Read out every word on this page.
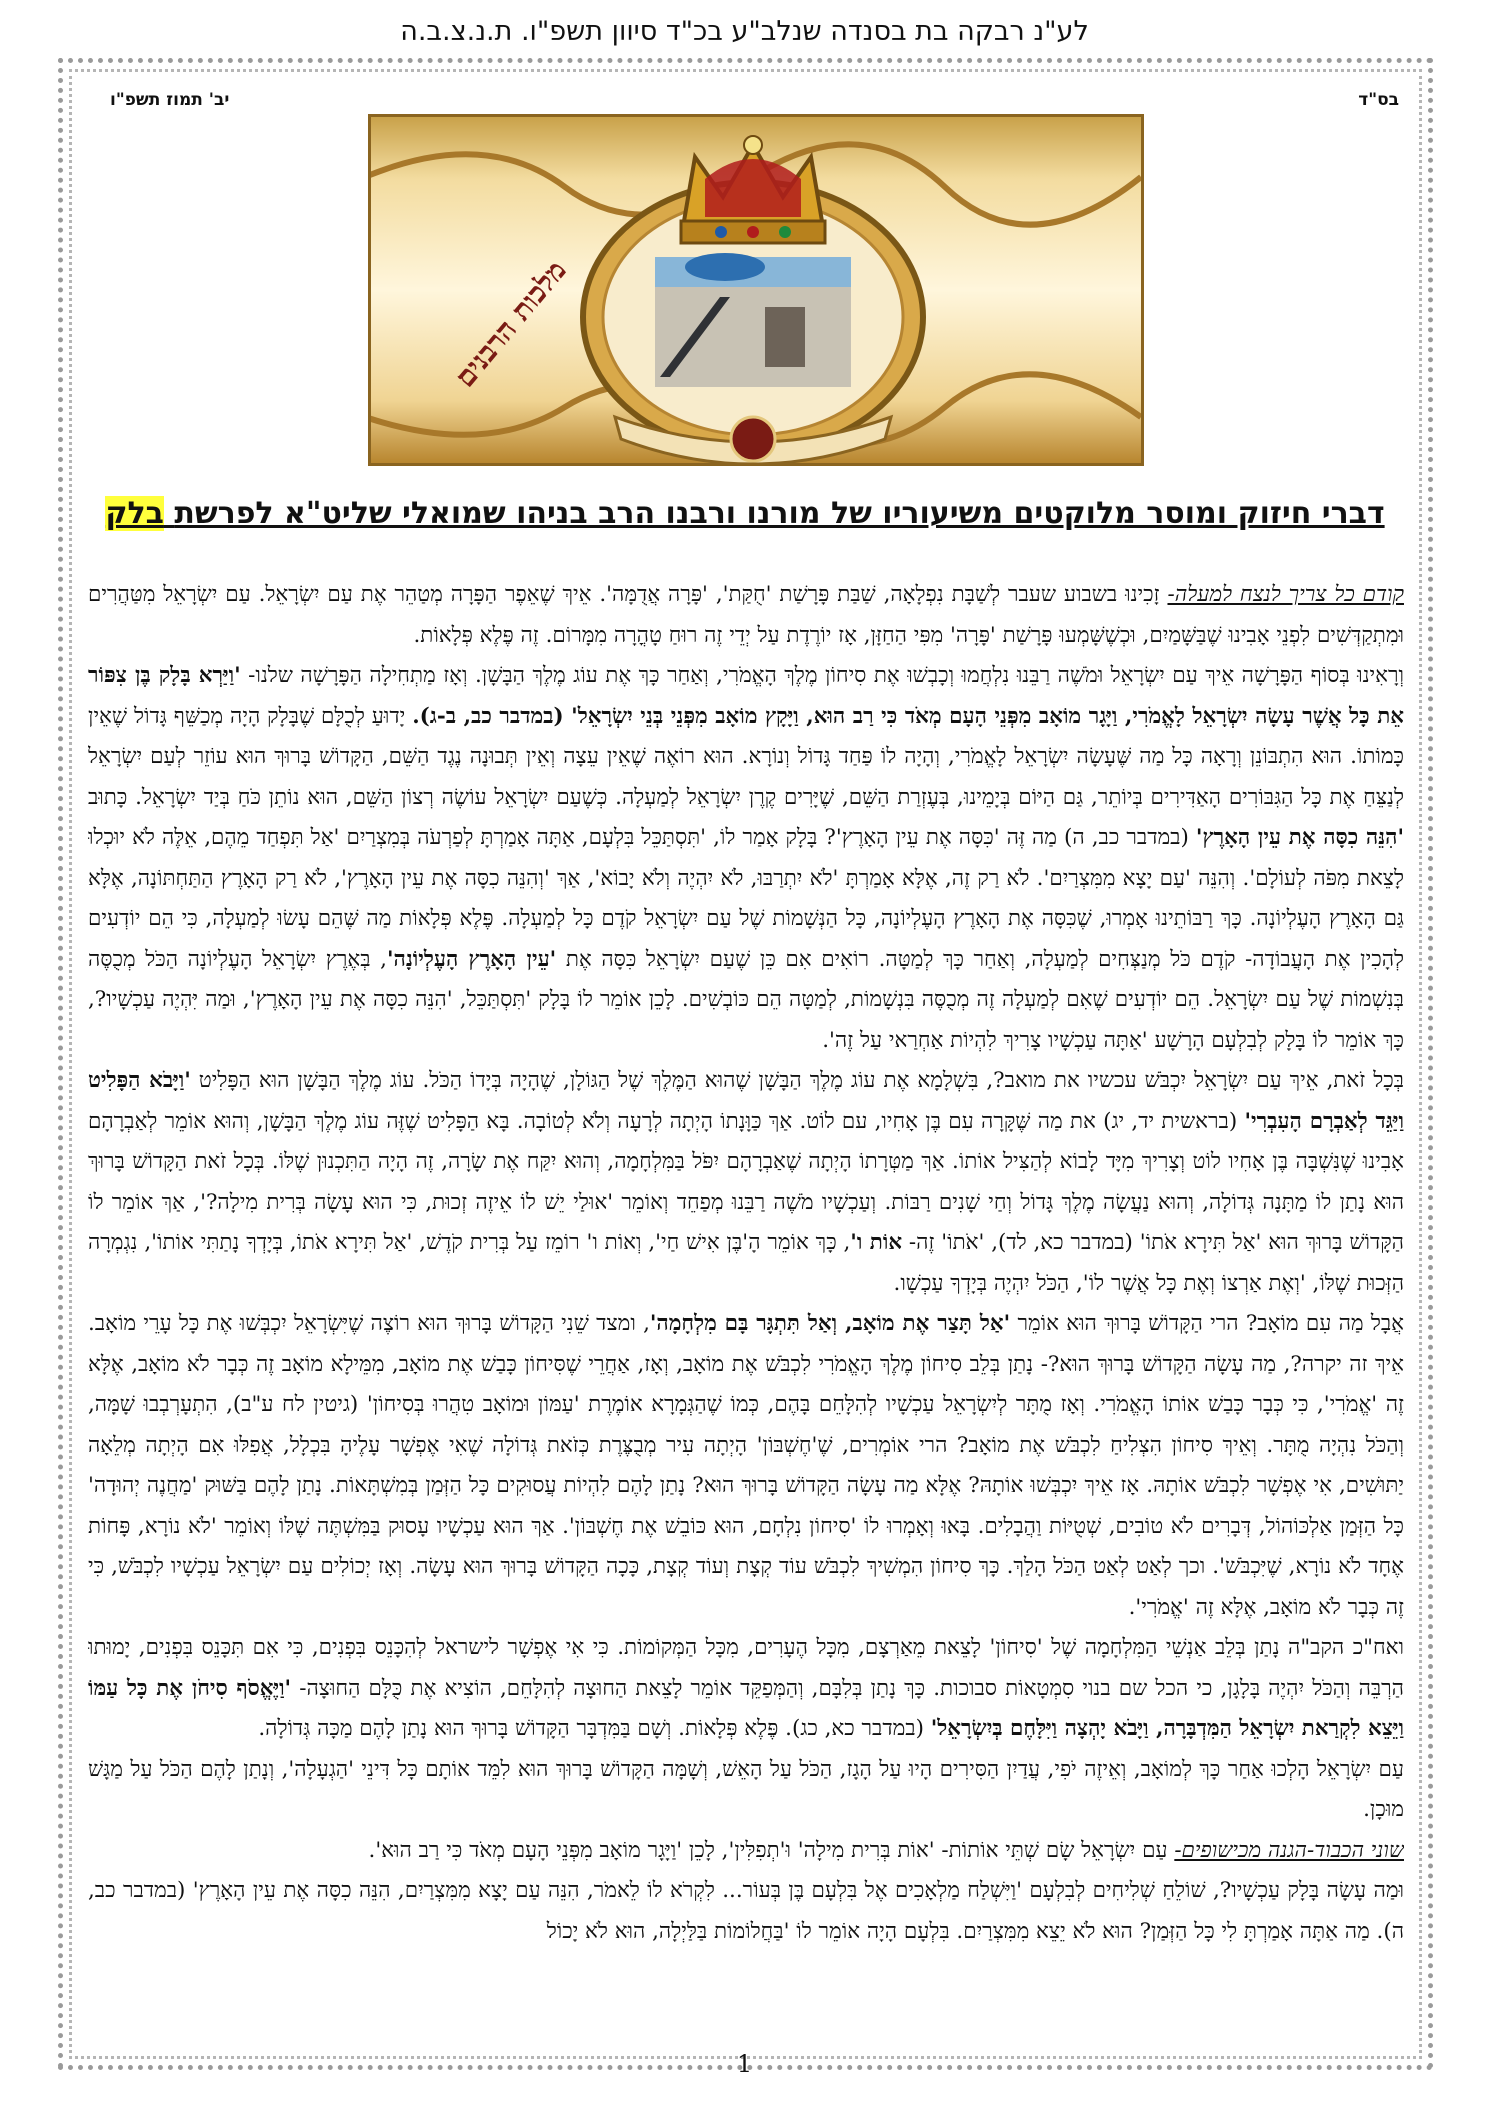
לע"נ רבקה בת בסנדה שנלב"ע בכ"ד סיוון תשפ"ו. ת.נ.צ.ב.ה
בס"ד
יב' תמוז תשפ"ו
מלכות הרבנים
דברי חיזוק ומוסר מלוקטים משיעוריו של מורנו ורבנו הרב בניהו שמואלי שליט"א לפרשת בלק

קודם כל צריך לנצח למעלה- זָכִינוּ בשבוע שעבר לְשַׁבָּת נִפְלָאָה, שַׁבַּת פָּרָשַׁת 'חֻקַּת', 'פָּרָה אֲדֻמָּה'. אֵיךְ שֶׁאֵפֶר הַפָּרָה מְטַהֵר אֶת עַם יִשְׂרָאֵל. עַם יִשְׂרָאֵל מִטַּהֲרִים וּמִתְקַדְּשִׁים לִפְנֵי אָבִינוּ שֶׁבַּשָּׁמַיִם, וּכְשֶׁשָּׁמְעוּ פָּרָשַׁת 'פָּרָה' מִפִּי הַחַזָּן, אָז יוֹרֶדֶת עַל יְדֵי זֶה רוּחַ טָהֳרָה מִמָּרוֹם. זֶה פֶּלֶא פְּלָאוֹת.

וְרָאִינוּ בְּסוֹף הַפָּרָשָׁה אֵיךְ עַם יִשְׂרָאֵל וּמֹשֶׁה רַבֵּנוּ נִלְחֲמוּ וְכָבְשׁוּ אֶת סִיחוֹן מֶלֶךְ הָאֱמֹרִי, וְאַחַר כָּךְ אֶת עוֹג מֶלֶךְ הַבָּשָׁן. וְאָז מַתְחִילָה הַפָּרָשָׁה שלנו- 'וַיַּרְא בָּלָק בֶּן צִפּוֹר אֵת כָּל אֲשֶׁר עָשָׂה יִשְׂרָאֵל לָאֱמֹרִי, וַיָּגָר מוֹאָב מִפְּנֵי הָעָם מְאֹד כִּי רַב הוּא, וַיָּקָץ מוֹאָב מִפְּנֵי בְּנֵי יִשְׂרָאֵל' (במדבר כב, ב-ג). יָדוּעַ לְכֻלָּם שֶׁבָּלָק הָיָה מְכַשֵּׁף גָּדוֹל שֶׁאֵין כָּמוֹתוֹ. הוּא הִתְבּוֹנֵן וְרָאָה כָּל מַה שֶּׁעָשָׂה יִשְׂרָאֵל לָאֱמֹרִי, וְהָיָה לוֹ פַּחַד גָּדוֹל וְנוֹרָא. הוּא רוֹאֶה שֶׁאֵין עֵצָה וְאֵין תְּבוּנָה נֶגֶד הַשֵּׁם, הַקָּדוֹשׁ בָּרוּךְ הוּא עוֹזֵר לְעַם יִשְׂרָאֵל לְנַצֵּחַ אֶת כָּל הַגִּבּוֹרִים הָאַדִּירִים בְּיוֹתֵר, גַּם הַיּוֹם בְּיָמֵינוּ, בְּעֶזְרַת הַשֵּׁם, שֶׁיָּרִים קֶרֶן יִשְׂרָאֵל לְמַעְלָה. כְּשֶׁעַם יִשְׂרָאֵל עוֹשֶׂה רְצוֹן הַשֵּׁם, הוּא נוֹתֵן כֹּחַ בְּיַד יִשְׂרָאֵל. כָּתוּב 'הִנֵּה כִסָּה אֶת עֵין הָאָרֶץ' (במדבר כב, ה) מַה זֶּה 'כִּסָּה אֶת עֵין הָאָרֶץ'? בָּלָק אָמַר לוֹ, 'תִּסְתַּכֵּל בִּלְעָם, אַתָּה אָמַרְתָּ לְפַרְעֹה בְּמִצְרַיִם 'אַל תִּפְחַד מֵהֶם, אֵלֶּה לֹא יוּכְלוּ לָצֵאת מִפֹּה לְעוֹלָם'. וְהִנֵּה 'עַם יָצָא מִמִּצְרַיִם'. לֹא רַק זֶה, אֶלָּא אָמַרְתָּ 'לֹא יִתְרַבּוּ, לֹא יִהְיֶה וְלֹא יָבוֹא', אַךְ 'וְהִנֵּה כִסָּה אֶת עֵין הָאָרֶץ', לֹא רַק הָאָרֶץ הַתַּחְתּוֹנָה, אֶלָּא גַּם הָאָרֶץ הָעֶלְיוֹנָה. כָּךְ רַבּוֹתֵינוּ אָמְרוּ, שֶׁכִּסָּה אֶת הָאָרֶץ הָעֶלְיוֹנָה, כָּל הַנְּשָׁמוֹת שֶׁל עַם יִשְׂרָאֵל קֹדֶם כָּל לְמַעְלָה. פֶּלֶא פְּלָאוֹת מַה שֶּׁהֵם עָשׂוּ לְמַעְלָה, כִּי הֵם יוֹדְעִים לְהָכִין אֶת הָעֲבוֹדָה- קֹדֶם כֹּל מְנַצְּחִים לְמַעְלָה, וְאַחַר כָּךְ לְמַטָּה. רוֹאִים אִם כֵּן שֶׁעַם יִשְׂרָאֵל כִּסָּה אֶת 'עֵין הָאָרֶץ הָעֶלְיוֹנָה', בְּאֶרֶץ יִשְׂרָאֵל הָעֶלְיוֹנָה הַכֹּל מְכֻסֶּה בְּנִשְׁמוֹת שֶׁל עַם יִשְׂרָאֵל. הֵם יוֹדְעִים שֶׁאִם לְמַעְלָה זֶה מְכֻסֶּה בִּנְשָׁמוֹת, לְמַטָּה הֵם כּוֹבְשִׁים. לָכֵן אוֹמֵר לוֹ בָּלָק 'תִּסְתַּכֵּל, 'הִנֵּה כִסָּה אֶת עֵין הָאָרֶץ', וּמַה יִּהְיֶה עַכְשָׁיו?, כָּךְ אוֹמֵר לוֹ בָּלָק לְבִלְעָם הָרָשָׁע 'אַתָּה עַכְשָׁיו צָרִיךְ לִהְיוֹת אַחְרַאי עַל זֶה'.

בְּכָל זֹאת, אֵיךְ עַם יִשְׂרָאֵל יִכְבֹּשׁ עכשיו את מואב?, בִּשְׁלָמָא אֶת עוֹג מֶלֶךְ הַבָּשָׁן שֶׁהוּא הַמֶּלֶךְ שֶׁל הַגּוֹלָן, שֶׁהָיָה בְּיָדוֹ הַכֹּל. עוֹג מֶלֶךְ הַבָּשָׁן הוּא הַפָּלִיט 'וַיָּבֹא הַפָּלִיט וַיַּגֵּד לְאַבְרָם הָעִבְרִי' (בראשית יד, יג) את מַה שֶּׁקָּרָה עִם בֶּן אָחִיו, עם לוֹט. אַךְ כַּוָּנָתוֹ הָיְתָה לְרָעָה וְלֹא לְטוֹבָה. בָּא הַפָּלִיט שֶׁזֶּה עוֹג מֶלֶךְ הַבָּשָׁן, וְהוּא אוֹמֵר לְאַבְרָהָם אָבִינוּ שֶׁנִּשְׁבָּה בֶּן אָחִיו לוֹט וְצָרִיךְ מִיָּד לָבוֹא לְהַצִּיל אוֹתוֹ. אַךְ מַטְּרָתוֹ הָיְתָה שֶׁאַבְרָהָם יִפֹּל בַּמִּלְחָמָה, וְהוּא יִקַּח אֶת שָׂרָה, זֶה הָיָה הַתִּכְנוּן שֶׁלּוֹ. בְּכָל זֹאת הַקָּדוֹשׁ בָּרוּךְ הוּא נָתַן לוֹ מַתָּנָה גְּדוֹלָה, וְהוּא נַעֲשָׂה מֶלֶךְ גָּדוֹל וְחַי שָׁנִים רַבּוֹת. וְעַכְשָׁיו מֹשֶׁה רַבֵּנוּ מְפַחֵד וְאוֹמֵר 'אוּלַי יֵשׁ לוֹ אֵיזֶה זְכוּת, כִּי הוּא עָשָׂה בְּרִית מִילָה?', אַךְ אוֹמֵר לוֹ הַקָּדוֹשׁ בָּרוּךְ הוּא 'אַל תִּירָא אֹתוֹ' (במדבר כא, לד), 'אֹתוֹ' זֶה- אוֹת ו', כָּךְ אוֹמֵר הָ'בֶּן אִישׁ חַי', וְאוֹת ו' רוֹמֵז עַל בְּרִית קֹדֶשׁ, 'אַל תִּירָא אֹתוֹ, בְּיָדְךָ נָתַתִּי אוֹתוֹ', נִגְמְרָה הַזְּכוּת שֶׁלּוֹ, 'וְאֶת אַרְצוֹ וְאֶת כָּל אֲשֶׁר לוֹ', הַכֹּל יִהְיֶה בְּיָדְךָ עַכְשָׁו.

אֲבָל מַה עִם מוֹאָב? הרי הַקָּדוֹשׁ בָּרוּךְ הוּא אוֹמֵר 'אַל תָּצַר אֶת מוֹאָב, וְאַל תִּתְגָּר בָּם מִלְחָמָה', ומצד שֵׁנִי הַקָּדוֹשׁ בָּרוּךְ הוּא רוֹצֶה שֶׁיִּשְׂרָאֵל יִכְבְּשׁוּ אֶת כָּל עָרֵי מוֹאָב. אֵיךְ זה יקרה?, מַה עָשָׂה הַקָּדוֹשׁ בָּרוּךְ הוּא?- נָתַן בְּלֵב סִיחוֹן מֶלֶךְ הָאֱמֹרִי לִכְבֹּשׁ אֶת מוֹאָב, וְאָז, אַחֲרֵי שֶׁסִּיחוֹן כָּבַשׁ אֶת מוֹאָב, מִמֵּילָא מוֹאָב זֶה כְּבָר לֹא מוֹאָב, אֶלָּא זֶה 'אֱמֹרִי', כִּי כְּבָר כָּבַשׁ אוֹתוֹ הָאֱמֹרִי. וְאָז מֻתָּר לְיִשְׂרָאֵל עַכְשָׁיו לְהִלָּחֵם בָּהֶם, כְּמוֹ שֶׁהַגְּמָרָא אוֹמֶרֶת 'עַמּוֹן וּמוֹאָב טִהֲרוּ בְּסִיחוֹן' (גיטין לח ע"ב), הִתְעָרְבְבוּ שָׁמָּה, וְהַכֹּל נִהְיָה מֻתָּר. וְאֵיךְ סִיחוֹן הִצְלִיחַ לִכְבֹּשׁ אֶת מוֹאָב? הרי אוֹמְרִים, שֶׁ'חֶשְׁבּוֹן' הָיְתָה עִיר מְבֻצֶּרֶת כְּזֹאת גְּדוֹלָה שֶׁאִי אֶפְשָׁר עָלֶיהָ בִּכְלָל, אֲפִלּוּ אִם הָיְתָה מְלֵאָה יַתּוּשִׁים, אִי אֶפְשָׁר לִכְבֹּשׁ אוֹתָהּ. אָז אֵיךְ יִכְבְּשׁוּ אוֹתָהּ? אֶלָּא מַה עָשָׂה הַקָּדוֹשׁ בָּרוּךְ הוּא? נָתַן לָהֶם לִהְיוֹת עֲסוּקִים כָּל הַזְּמַן בְּמִשְׁתָּאוֹת. נָתַן לָהֶם בַּשּׁוּק 'מַחֲנֶה יְהוּדָה' כָּל הַזְּמַן אַלְכּוֹהוֹל, דְּבָרִים לֹא טוֹבִים, שְׁטֻיּוֹת וַהֲבָלִים. בָּאוּ וְאָמְרוּ לוֹ 'סִיחוֹן נִלְחָם, הוּא כּוֹבֵשׁ אֶת חֶשְׁבּוֹן'. אַךְ הוּא עַכְשָׁיו עָסוּק בַּמִּשְׁתֶּה שֶׁלּוֹ וְאוֹמֵר 'לֹא נוֹרָא, פָּחוֹת אֶחָד לֹא נוֹרָא, שֶׁיִּכְבֹּשׁ'. וכך לְאַט לְאַט הַכֹּל הָלַךְ. כָּךְ סִיחוֹן הִמְשִׁיךְ לִכְבֹּשׁ עוֹד קְצָת וְעוֹד קְצָת, כָּכָה הַקָּדוֹשׁ בָּרוּךְ הוּא עָשָׂה. וְאָז יְכוֹלִים עַם יִשְׂרָאֵל עַכְשָׁיו לִכְבֹּשׁ, כִּי זֶה כְּבָר לֹא מוֹאָב, אֶלָּא זֶה 'אֱמֹרִי'.

ואח"כ הקב"ה נָתַן בְּלֵב אַנְשֵׁי הַמִּלְחָמָה שֶׁל 'סִיחוֹן' לָצֵאת מֵאַרְצָם, מִכָּל הֶעָרִים, מִכָּל הַמְּקוֹמוֹת. כִּי אִי אֶפְשָׁר לישראל לְהִכָּנֵס בִּפְנִים, כִּי אִם תִּכָּנֵס בִּפְנִים, יָמוּתוּ הַרְבֵּה וְהַכֹּל יִהְיֶה בָּלָגָן, כי הכל שם בנוי סִמְטָאוֹת סבוכות. כָּךְ נָתַן בְּלִבָּם, וְהַמְּפַקֵּד אוֹמֵר לָצֵאת הַחוּצָה לְהִלָּחֵם, הוֹצִיא אֶת כֻּלָּם הַחוּצָה- 'וַיֶּאֱסֹף סִיחֹן אֶת כָּל עַמּוֹ וַיֵּצֵא לִקְרַאת יִשְׂרָאֵל הַמִּדְבָּרָה, וַיָּבֹא יָהְצָה וַיִּלָּחֶם בְּיִשְׂרָאֵל' (במדבר כא, כג). פֶּלֶא פְּלָאוֹת. וְשָׁם בַּמִּדְבָּר הַקָּדוֹשׁ בָּרוּךְ הוּא נָתַן לָהֶם מַכָּה גְּדוֹלָה.

עַם יִשְׂרָאֵל הָלְכוּ אַחַר כָּךְ לְמוֹאָב, וְאֵיזֶה יֹפִי, עֲדַיִן הַסִּירִים הָיוּ עַל הָגָז, הַכֹּל עַל הָאֵשׁ, וְשָׁמָּה הַקָּדוֹשׁ בָּרוּךְ הוּא לִמֵּד אוֹתָם כָּל דִּינֵי 'הַגְעָלָה', וְנָתַן לָהֶם הַכֹּל עַל מַגָּשׁ מוּכָן.

שוני הכבוד-הגנה מכישופים- עַם יִשְׂרָאֵל שָׂם שְׁתֵּי אוֹתוֹת- 'אוֹת בְּרִית מִילָה' וּ'תְפִלִּין', לָכֵן 'וַיָּגָר מוֹאָב מִפְּנֵי הָעָם מְאֹד כִּי רַב הוּא'.

וּמַה עָשָׂה בָּלָק עַכְשָׁיו?, שׁוֹלֵחַ שְׁלִיחִים לְבִלְעָם 'וַיִּשְׁלַח מַלְאָכִים אֶל בִּלְעָם בֶּן בְּעוֹר... לִקְרֹא לוֹ לֵאמֹר, הִנֵּה עַם יָצָא מִמִּצְרַיִם, הִנֵּה כִסָּה אֶת עֵין הָאָרֶץ' (במדבר כב, ה). מַה אַתָּה אָמַרְתָּ לִי כָּל הַזְּמַן? הוּא לֹא יֵצֵא מִמִּצְרַיִם. בִּלְעָם הָיָה אוֹמֵר לוֹ 'בַּחֲלוֹמוֹת בַּלַּיְלָה, הוּא לֹא יָכוֹל

1
